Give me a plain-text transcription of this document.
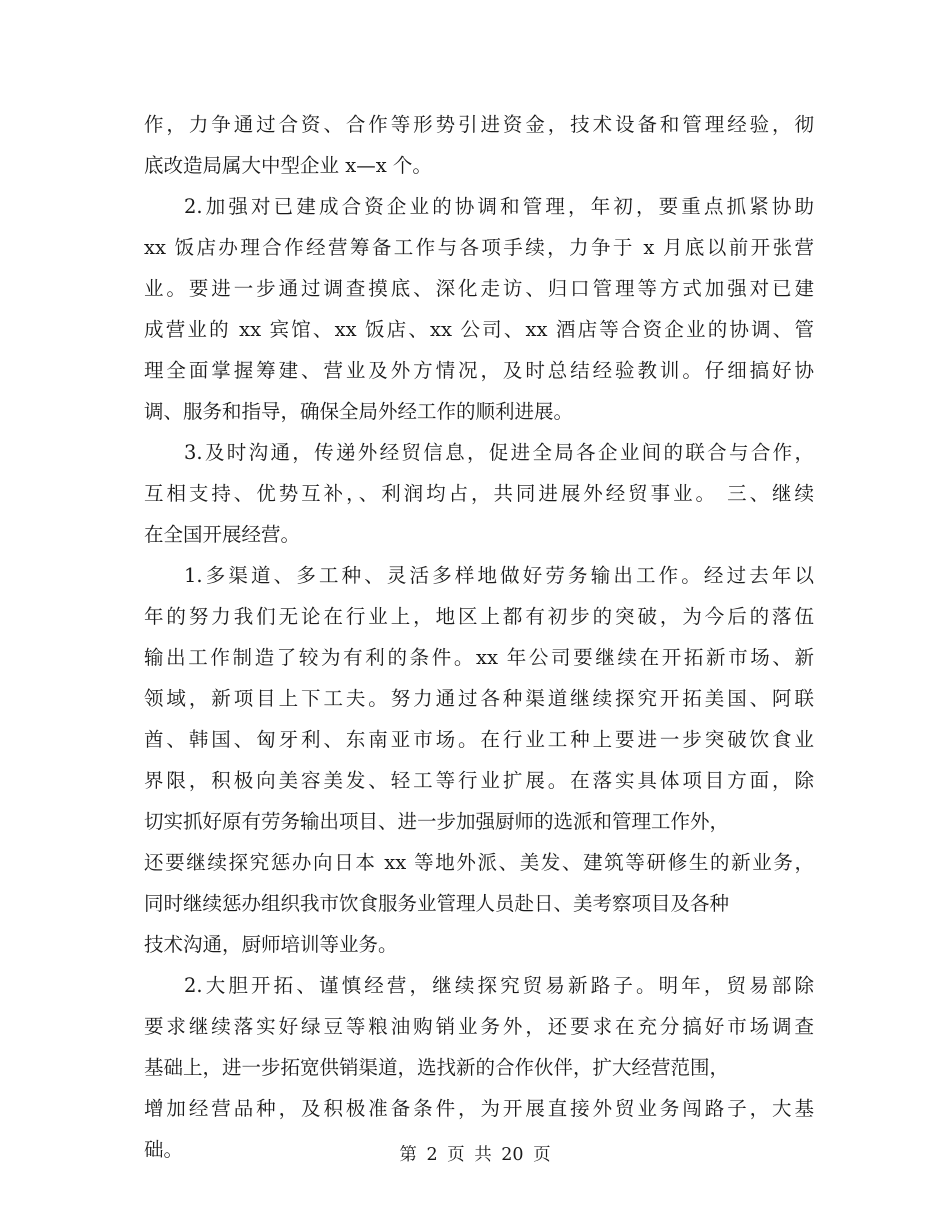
作，力争通过合资、合作等形势引进资金，技术设备和管理经验，彻
底改造局属大中型企业 x—x 个。
2.加强对已建成合资企业的协调和管理，年初，要重点抓紧协助
xx 饭店办理合作经营筹备工作与各项手续，力争于 x 月底以前开张营
业。要进一步通过调查摸底、深化走访、归口管理等方式加强对已建
成营业的 xx 宾馆、xx 饭店、xx 公司、xx 酒店等合资企业的协调、管
理全面掌握筹建、营业及外方情况，及时总结经验教训。仔细搞好协
调、服务和指导，确保全局外经工作的顺利进展。
3.及时沟通，传递外经贸信息，促进全局各企业间的联合与合作，
互相支持、优势互补，、利润均占，共同进展外经贸事业。 三、继续
在全国开展经营。
1.多渠道、多工种、灵活多样地做好劳务输出工作。经过去年以
年的努力我们无论在行业上，地区上都有初步的突破，为今后的落伍
输出工作制造了较为有利的条件。xx 年公司要继续在开拓新市场、新
领域，新项目上下工夫。努力通过各种渠道继续探究开拓美国、阿联
酋、韩国、匈牙利、东南亚市场。在行业工种上要进一步突破饮食业
界限，积极向美容美发、轻工等行业扩展。在落实具体项目方面，除
切实抓好原有劳务输出项目、进一步加强厨师的选派和管理工作外，
还要继续探究惩办向日本 xx 等地外派、美发、建筑等研修生的新业务，
同时继续惩办组织我市饮食服务业管理人员赴日、美考察项目及各种
技术沟通，厨师培训等业务。
2.大胆开拓、谨慎经营，继续探究贸易新路子。明年，贸易部除
要求继续落实好绿豆等粮油购销业务外，还要求在充分搞好市场调查
基础上，进一步拓宽供销渠道，选找新的合作伙伴，扩大经营范围，
增加经营品种，及积极准备条件，为开展直接外贸业务闯路子，大基
础。	第 2 页 共 20 页
